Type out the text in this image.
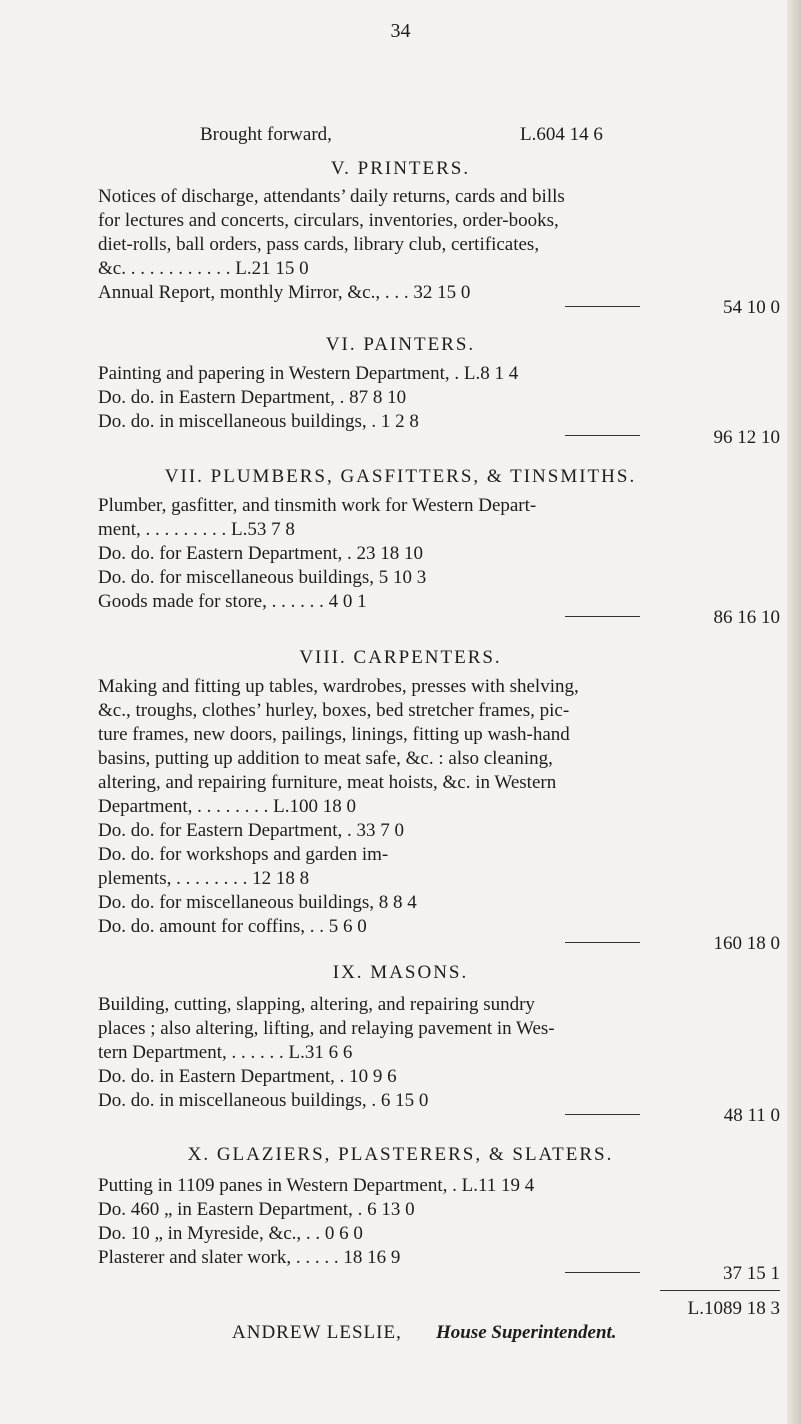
34
Brought forward,	L.604 14 6
V. PRINTERS.
Notices of discharge, attendants’ daily returns, cards and bills
for lectures and concerts, circulars, inventories, order-books,
diet-rolls, ball orders, pass cards, library club, certificates,
&c. . . . . . . . . . . . L.21 15 0
Annual Report, monthly Mirror, &c., . . . 32 15 0
54 10 0
VI. PAINTERS.
Painting and papering in Western Department, . L.8 1 4
Do. do. in Eastern Department, . 87 8 10
Do. do. in miscellaneous buildings, . 1 2 8
96 12 10
VII. PLUMBERS, GASFITTERS, & TINSMITHS.
Plumber, gasfitter, and tinsmith work for Western Depart-
ment, . . . . . . . . . L.53 7 8
Do. do. for Eastern Department, . 23 18 10
Do. do. for miscellaneous buildings, 5 10 3
Goods made for store, . . . . . . 4 0 1
86 16 10
VIII. CARPENTERS.
Making and fitting up tables, wardrobes, presses with shelving,
&c., troughs, clothes’ hurley, boxes, bed stretcher frames, pic-
ture frames, new doors, pailings, linings, fitting up wash-hand
basins, putting up addition to meat safe, &c. : also cleaning,
altering, and repairing furniture, meat hoists, &c. in Western
Department, . . . . . . . . L.100 18 0
Do. do. for Eastern Department, . 33 7 0
Do. do. for workshops and garden im-
plements, . . . . . . . . 12 18 8
Do. do. for miscellaneous buildings, 8 8 4
Do. do. amount for coffins, . . 5 6 0
160 18 0
IX. MASONS.
Building, cutting, slapping, altering, and repairing sundry
places ; also altering, lifting, and relaying pavement in Wes-
tern Department, . . . . . . L.31 6 6
Do. do. in Eastern Department, . 10 9 6
Do. do. in miscellaneous buildings, . 6 15 0
48 11 0
X. GLAZIERS, PLASTERERS, & SLATERS.
Putting in 1109 panes in Western Department, . L.11 19 4
Do. 460 „ in Eastern Department, . 6 13 0
Do. 10 „ in Myreside, &c., . . 0 6 0
Plasterer and slater work, . . . . . 18 16 9
37 15 1
L.1089 18 3
ANDREW LESLIE, House Superintendent.
